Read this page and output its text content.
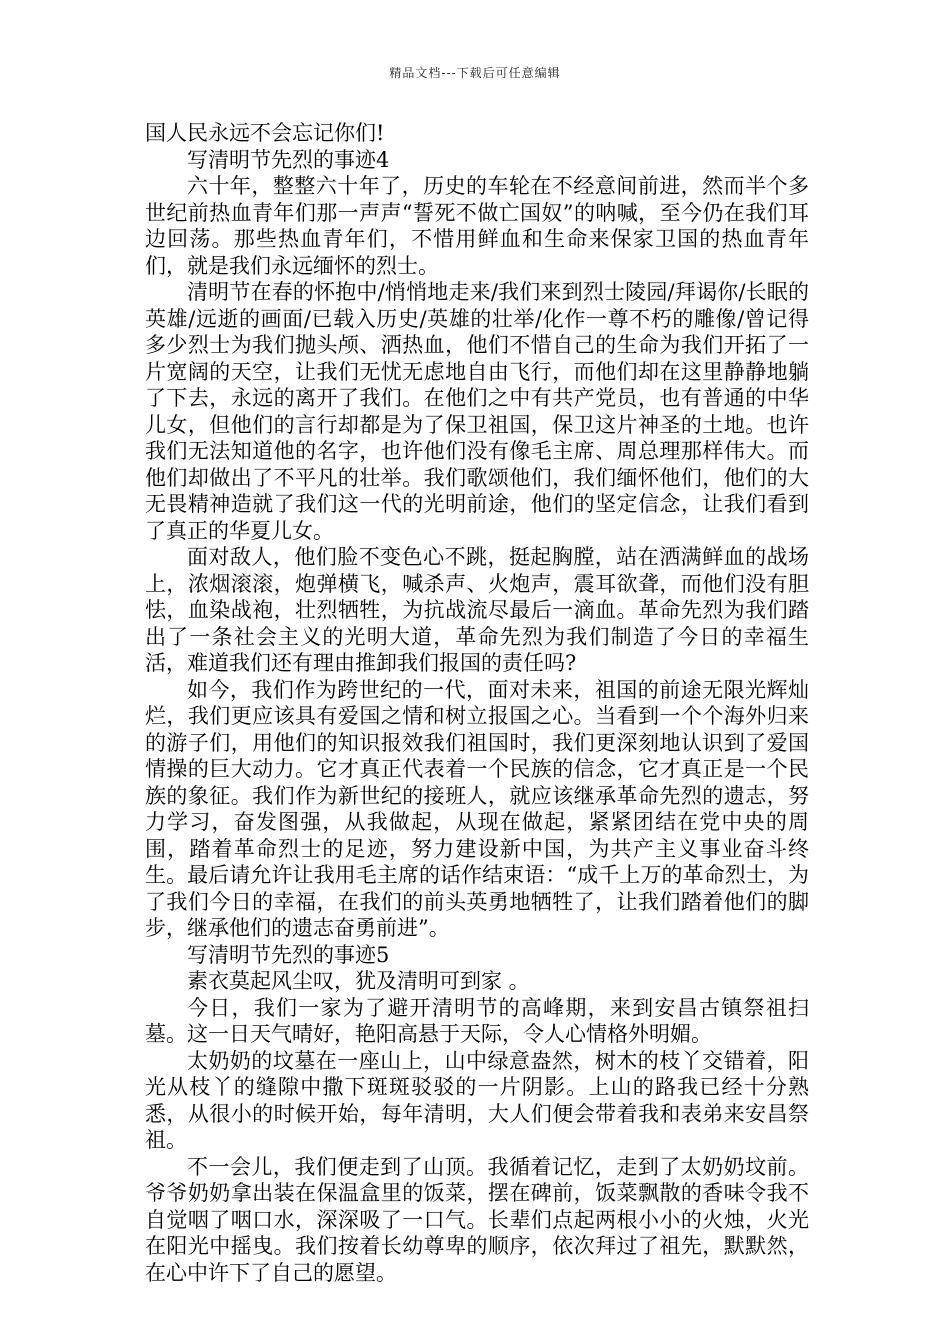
精品文档---下载后可任意编辑

国人民永远不会忘记你们!

写清明节先烈的事迹4

六十年，整整六十年了，历史的车轮在不经意间前进，然而半个多世纪前热血青年们那一声声“誓死不做亡国奴”的呐喊，至今仍在我们耳边回荡。那些热血青年们，不惜用鲜血和生命来保家卫国的热血青年们，就是我们永远缅怀的烈士。

清明节在春的怀抱中/悄悄地走来/我们来到烈士陵园/拜谒你/长眠的英雄/远逝的画面/已载入历史/英雄的壮举/化作一尊不朽的雕像/曾记得多少烈士为我们抛头颅、洒热血，他们不惜自己的生命为我们开拓了一片宽阔的天空，让我们无忧无虑地自由飞行，而他们却在这里静静地躺了下去，永远的离开了我们。在他们之中有共产党员，也有普通的中华儿女，但他们的言行却都是为了保卫祖国，保卫这片神圣的土地。也许我们无法知道他的名字，也许他们没有像毛主席、周总理那样伟大。而他们却做出了不平凡的壮举。我们歌颂他们，我们缅怀他们，他们的大无畏精神造就了我们这一代的光明前途，他们的坚定信念，让我们看到了真正的华夏儿女。

面对敌人，他们脸不变色心不跳，挺起胸膛，站在洒满鲜血的战场上，浓烟滚滚，炮弹横飞，喊杀声、火炮声，震耳欲聋，而他们没有胆怯，血染战袍，壮烈牺牲，为抗战流尽最后一滴血。革命先烈为我们踏出了一条社会主义的光明大道，革命先烈为我们制造了今日的幸福生活，难道我们还有理由推卸我们报国的责任吗?

如今，我们作为跨世纪的一代，面对未来，祖国的前途无限光辉灿烂，我们更应该具有爱国之情和树立报国之心。当看到一个个海外归来的游子们，用他们的知识报效我们祖国时，我们更深刻地认识到了爱国情操的巨大动力。它才真正代表着一个民族的信念，它才真正是一个民族的象征。我们作为新世纪的接班人，就应该继承革命先烈的遗志，努力学习，奋发图强，从我做起，从现在做起，紧紧团结在党中央的周围，踏着革命烈士的足迹，努力建设新中国，为共产主义事业奋斗终生。最后请允许让我用毛主席的话作结束语：“成千上万的革命烈士，为了我们今日的幸福，在我们的前头英勇地牺牲了，让我们踏着他们的脚步，继承他们的遗志奋勇前进”。

写清明节先烈的事迹5

素衣莫起风尘叹，犹及清明可到家 。

今日，我们一家为了避开清明节的高峰期，来到安昌古镇祭祖扫墓。这一日天气晴好，艳阳高悬于天际，令人心情格外明媚。

太奶奶的坟墓在一座山上，山中绿意盎然，树木的枝丫交错着，阳光从枝丫的缝隙中撒下斑斑驳驳的一片阴影。上山的路我已经十分熟悉，从很小的时候开始，每年清明，大人们便会带着我和表弟来安昌祭祖。

不一会儿，我们便走到了山顶。我循着记忆，走到了太奶奶坟前。爷爷奶奶拿出装在保温盒里的饭菜，摆在碑前，饭菜飘散的香味令我不自觉咽了咽口水，深深吸了一口气。长辈们点起两根小小的火烛，火光在阳光中摇曳。我们按着长幼尊卑的顺序，依次拜过了祖先，默默然，在心中许下了自己的愿望。
